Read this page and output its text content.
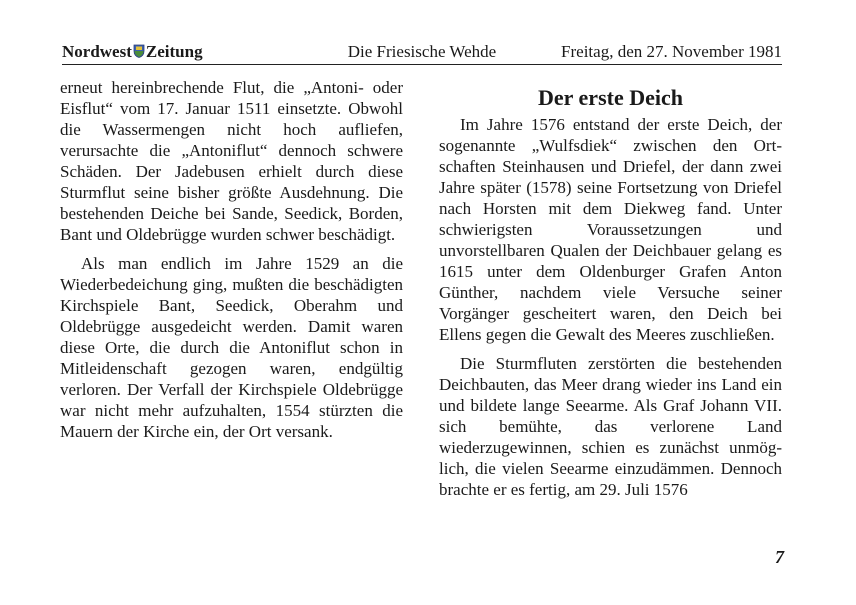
Die Friesische Wehde
Nordwest Zeitung	Freitag, den 27. November 1981

erneut hereinbrechende Flut, die „Antoni- oder Eisflut“ vom 17. Januar 1511 einsetzte. Obwohl die Wassermengen nicht hoch aufliefen, verursachte die „Antoniflut“ dennoch schwere Schäden. Der Jadebusen erhielt durch diese Sturmflut seine bisher größte Ausdehnung. Die bestehenden Deiche bei Sande, Seedick, Borden, Bant und Oldebrügge wurden schwer beschädigt.

Als man endlich im Jahre 1529 an die Wiederbedeichung ging, mußten die beschädigten Kirchspiele Bant, Seedick, Oberahm und Oldebrügge ausgedeicht werden. Damit waren diese Orte, die durch die Antoniflut schon in Mitleidenschaft gezogen waren, endgültig verloren. Der Verfall der Kirchspiele Oldebrügge war nicht mehr aufzuhalten, 1554 stürzten die Mauern der Kirche ein, der Ort versank.

Der erste Deich

Im Jahre 1576 entstand der erste Deich, der sogenannte „Wulfsdiek“ zwischen den Ortschaften Steinhausen und Driefel, der dann zwei Jahre später (1578) seine Fortsetzung von Driefel nach Horsten mit dem Diekweg fand. Unter schwierigsten Voraussetzungen und unvorstellbaren Qualen der Deichbauer gelang es 1615 unter dem Oldenburger Grafen Anton Günther, nachdem viele Versuche seiner Vorgänger gescheitert waren, den Deich bei Ellens gegen die Gewalt des Meeres zuschließen.

Die Sturmfluten zerstörten die bestehenden Deichbauten, das Meer drang wieder ins Land ein und bildete lange Seearme. Als Graf Johann VII. sich bemühte, das verlorene Land wiederzugewinnen, schien es zunächst unmöglich, die vielen Seearme einzudämmen. Dennoch brachte er es fertig, am 29. Juli 1576

7
